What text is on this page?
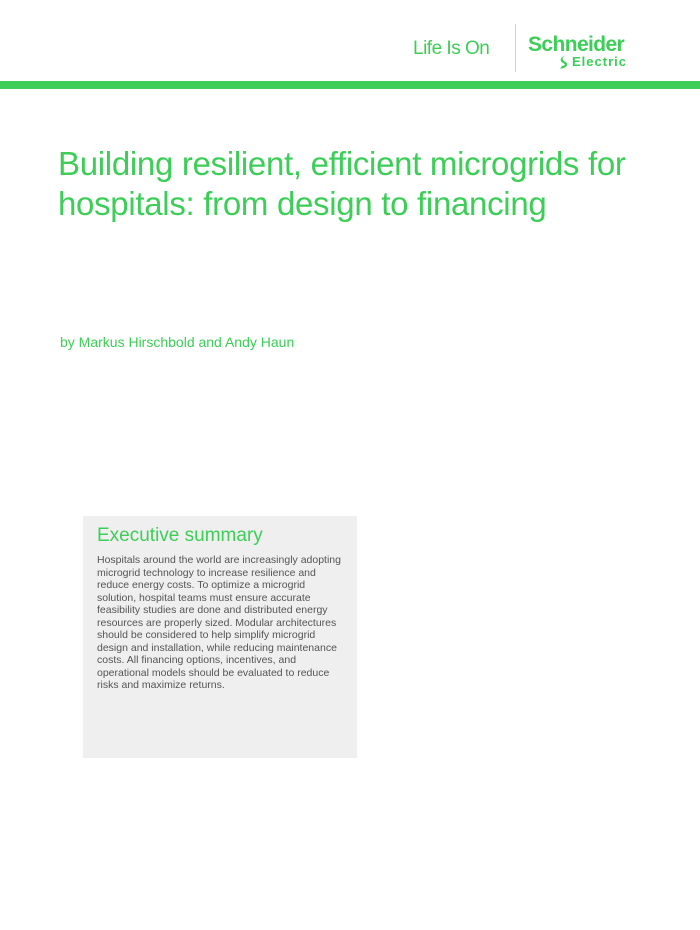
Life Is On Schneider
Electric
Building resilient, efficient microgrids for hospitals: from design to financing
by Markus Hirschbold and Andy Haun
Executive summary

Hospitals around the world are increasingly adopting microgrid technology to increase resilience and reduce energy costs. To optimize a microgrid solution, hospital teams must ensure accurate feasibility studies are done and distributed energy resources are properly sized. Modular architectures should be considered to help simplify microgrid design and installation, while reducing maintenance costs. All financing options, incentives, and operational models should be evaluated to reduce risks and maximize returns.
